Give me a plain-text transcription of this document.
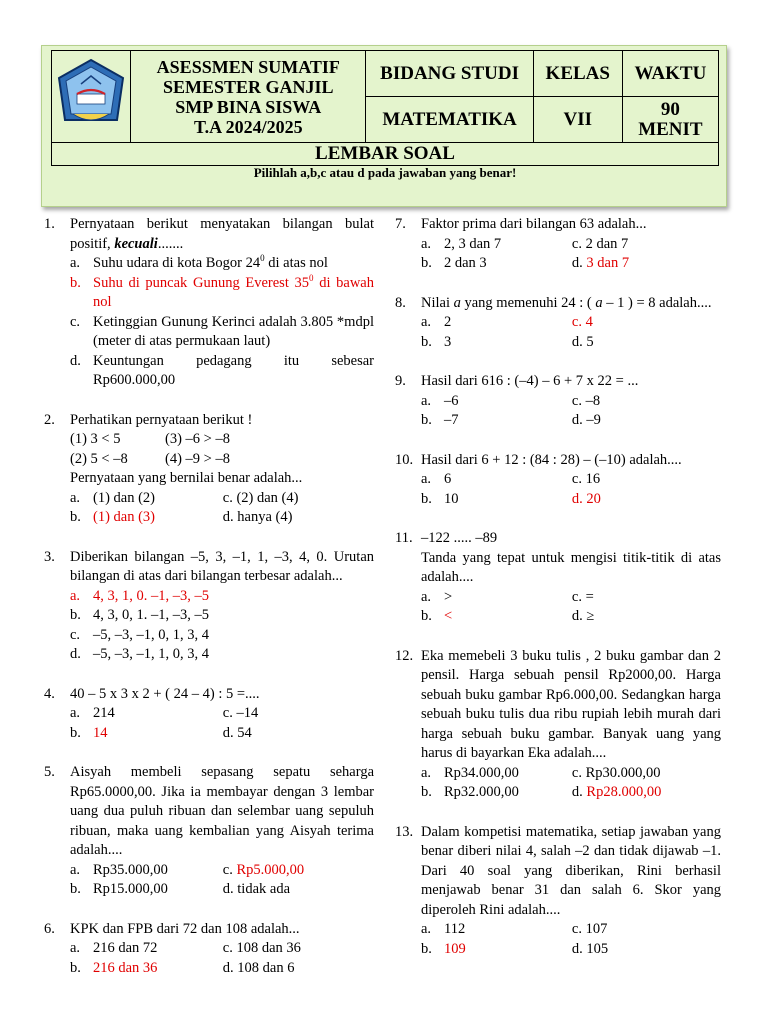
ASESSMEN SUMATIF
SEMESTER GANJIL
SMP BINA SISWA
T.A 2024/2025	BIDANG STUDI	KELAS	WAKTU
		MATEMATIKA	VII	90
MENIT

LEMBAR SOAL				
Pilihlah a,b,c atau d pada jawaban yang benar!
1. Pernyataan berikut menyatakan bilangan bulat positif, kecuali.......
a. Suhu udara di kota Bogor $24^0$ di atas nol
b. Suhu di puncak Gunung Everest $35^0$ di bawah nol
c. Ketinggian Gunung Kerinci adalah 3.805 *mdpl (meter di atas permukaan laut)
d. Keuntungan pedagang itu sebesar
Rp600.000,00
2. Perhatikan pernyataan berikut !
(1) 3 < 5	(3) –6 > –8
(2) 5 < –8	(4) –9 > –8
Pernyataan yang bernilai benar adalah...
a. (1) dan (2)	c. (2) dan (4)
b. (1) dan (3)	d. hanya (4)
3. Diberikan bilangan –5, 3, –1, 1, –3, 4, 0. Urutan bilangan di atas dari bilangan terbesar adalah...
a. 4, 3, 1, 0. –1, –3, –5
b. 4, 3, 0, 1. –1, –3, –5
c. –5, –3, –1, 0, 1, 3, 4
d. –5, –3, –1, 1, 0, 3, 4
4. 40 – 5 x 3 x 2 + ( 24 – 4) : 5 =....
a. 214	c. –14
b. 14	d. 54
5. Aisyah membeli sepasang sepatu seharga Rp65.0000,00. Jika ia membayar dengan 3 lembar uang dua puluh ribuan dan selembar uang sepuluh ribuan, maka uang kembalian yang Aisyah terima adalah....
a. Rp35.000,00	c. Rp5.000,00
b. Rp15.000,00	d. tidak ada
6. KPK dan FPB dari 72 dan 108 adalah...
a. 216 dan 72	c. 108 dan 36
b. 216 dan 36	d. 108 dan 6
7. Faktor prima dari bilangan 63 adalah...
a. 2, 3 dan 7	c. 2 dan 7
b. 2 dan 3	d. 3 dan 7
8. Nilai a yang memenuhi 24 : ( a – 1 ) = 8 adalah....
a. 2	c. 4
b. 3	d. 5
9. Hasil dari 616 : (–4) – 6 + 7 x 22 = ...
a. –6	c. –8
b. –7	d. –9
10. Hasil dari 6 + 12 : (84 : 28) – (–10) adalah....
a. 6	c. 16
b. 10	d. 20
11. –122 ..... –89
Tanda yang tepat untuk mengisi titik-titik di atas adalah....
a. >	c. =
b. <	d. ≥
12. Eka memebeli 3 buku tulis , 2 buku gambar dan 2 pensil. Harga sebuah pensil Rp2000,00. Harga sebuah buku gambar Rp6.000,00. Sedangkan harga sebuah buku tulis dua ribu rupiah lebih murah dari harga sebuah buku gambar. Banyak uang yang harus di bayarkan Eka adalah....
a. Rp34.000,00	c. Rp30.000,00
b. Rp32.000,00	d. Rp28.000,00
13. Dalam kompetisi matematika, setiap jawaban yang benar diberi nilai 4, salah –2 dan tidak dijawab –1. Dari 40 soal yang diberikan, Rini berhasil menjawab benar 31 dan salah 6. Skor yang diperoleh Rini adalah....
a. 112	c. 107
b. 109	d. 105
